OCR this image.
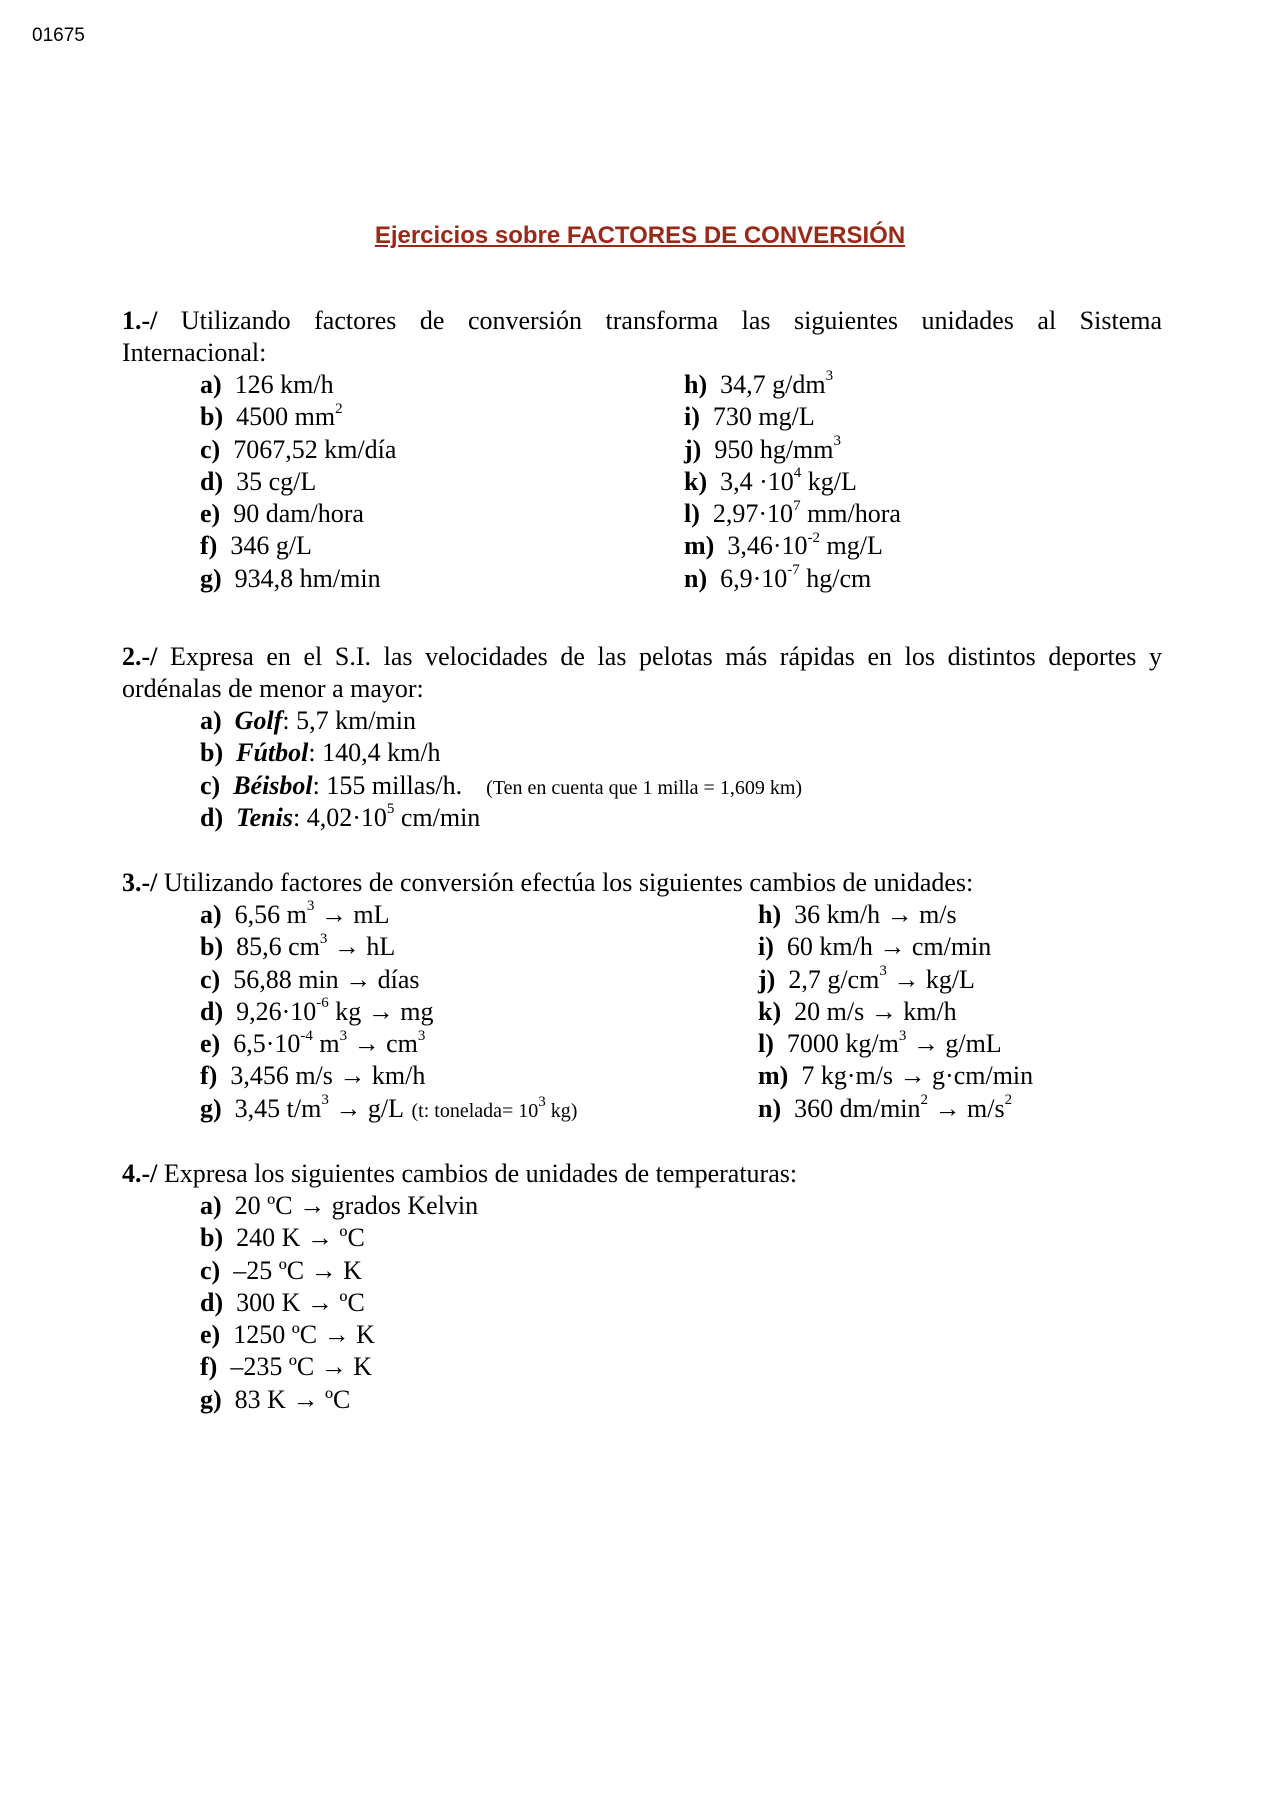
01675
Ejercicios sobre FACTORES DE CONVERSIÓN

1.-/ Utilizando factores de conversión transforma las siguientes unidades al Sistema

Internacional:

a) 126 km/h
b) 4500 $mm^2$
c) 7067,52 km/día
d) 35 cg/L
e) 90 dam/hora
f) 346 g/L
g) 934,8 hm/min
h) 34,7 $g/dm^3$
i) 730 mg/L
j) 950 $hg/mm^3$
k) $3,4 \cdot 10^4$ kg/L
l) $2,97\cdot 10^7$ mm/hora
m) $3,46\cdot 10^{-2}$ mg/L
n) $6,9\cdot 10^{-7}$ hg/cm

2.-/ Expresa en el S.I. las velocidades de las pelotas más rápidas en los distintos deportes y

ordénalas de menor a mayor:

a) Golf: 5,7 km/min
b) Fútbol: 140,4 km/h
c) Béisbol: 155 millas/h. (Ten en cuenta que 1 milla = 1,609 km)
d) Tenis: $4,02\cdot 10^5$ cm/min

3.-/ Utilizando factores de conversión efectúa los siguientes cambios de unidades:

a) 6,56 $m^3$ → mL
b) 85,6 $cm^3$ → hL
c) 56,88 min → días
d) $9,26\cdot 10^{-6}$ kg → mg
e) $6,5\cdot 10^{-4}$ $m^3 \to cm^3$
f) 3,456 m/s → km/h
g) 3,45 $t/m^3 \to g/L$ (t: tonelada= $10^3$ kg)
h) 36 km/h → m/s
i) 60 km/h → cm/min
j) 2,7 $g/cm^3 \to kg/L$
k) 20 m/s → km/h
l) 7000 $kg/m^3 \to g/mL$
m) 7 kg·m/s → g·cm/min
n) 360 $dm/\min^2 \to m/s^2$

4.-/ Expresa los siguientes cambios de unidades de temperaturas:

a) 20 ºC → grados Kelvin
b) 240 K → ºC
c) –25 ºC → K
d) 300 K → ºC
e) 1250 ºC → K
f) –235 ºC → K
g) 83 K → ºC
